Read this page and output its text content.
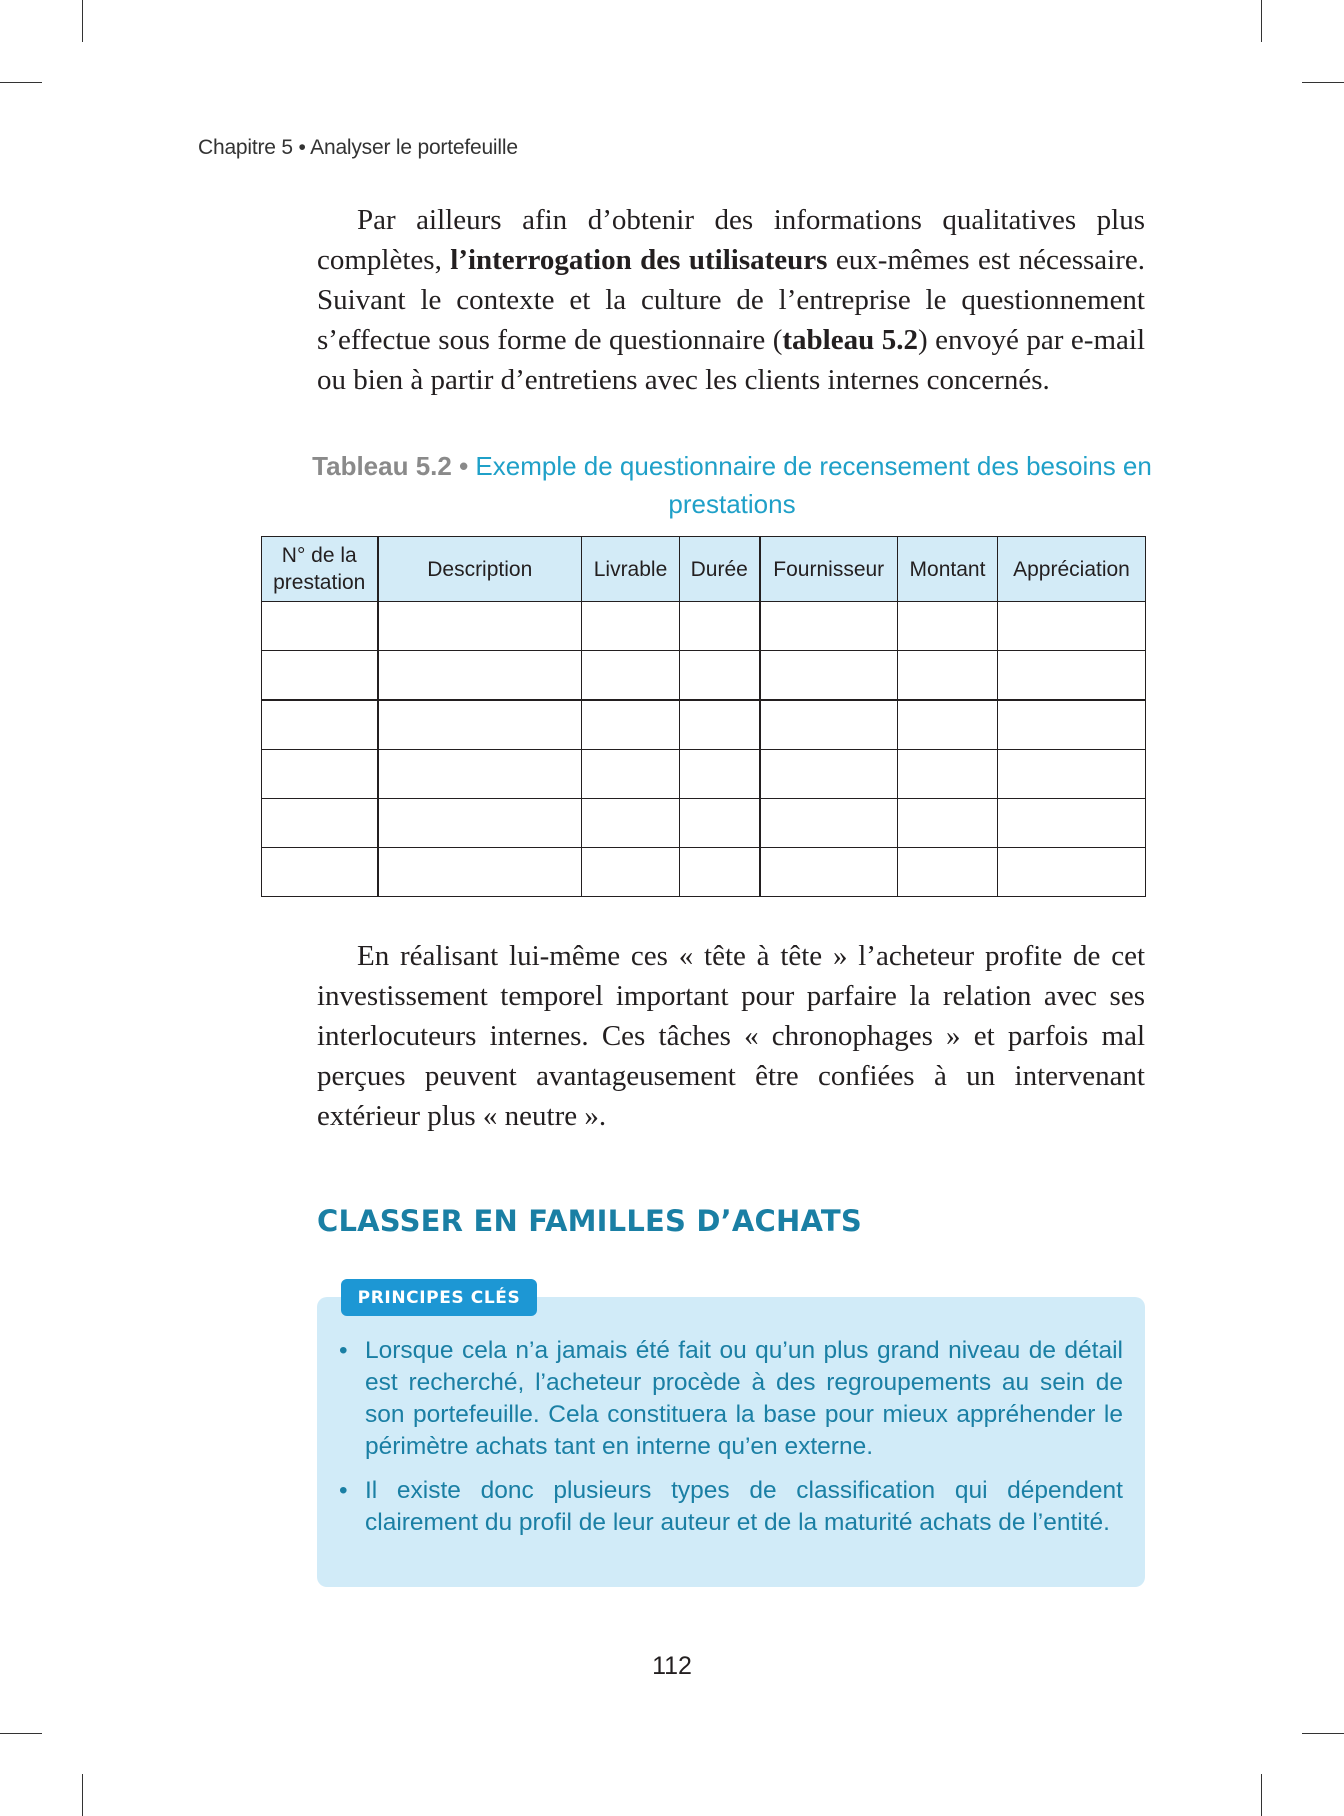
Chapitre 5 • Analyser le portefeuille

Par ailleurs afin d’obtenir des informations qualitatives plus complètes, l’interrogation des utilisateurs eux-mêmes est nécessaire. Suivant le contexte et la culture de l’entreprise le questionnement s’effectue sous forme de questionnaire (tableau 5.2) envoyé par e-mail ou bien à partir d’entretiens avec les clients internes concernés.

Tableau 5.2 • Exemple de questionnaire de recensement des besoins en prestations
N° de la prestation	Description	Livrable	Durée	Fournisseur	Montant	Appréciation

En réalisant lui-même ces « tête à tête » l’acheteur profite de cet investissement temporel important pour parfaire la relation avec ses interlocuteurs internes. Ces tâches « chronophages » et parfois mal perçues peuvent avantageusement être confiées à un intervenant extérieur plus « neutre ».

CLASSER EN FAMILLES D’ACHATS
• Lorsque cela n’a jamais été fait ou qu’un plus grand niveau de détail est recherché, l’acheteur procède à des regroupements au sein de son portefeuille. Cela constituera la base pour mieux appréhender le périmètre achats tant en interne qu’en externe.
• Il existe donc plusieurs types de classification qui dépendent clairement du profil de leur auteur et de la maturité achats de l’entité.
PRINCIPES CLÉS
112
